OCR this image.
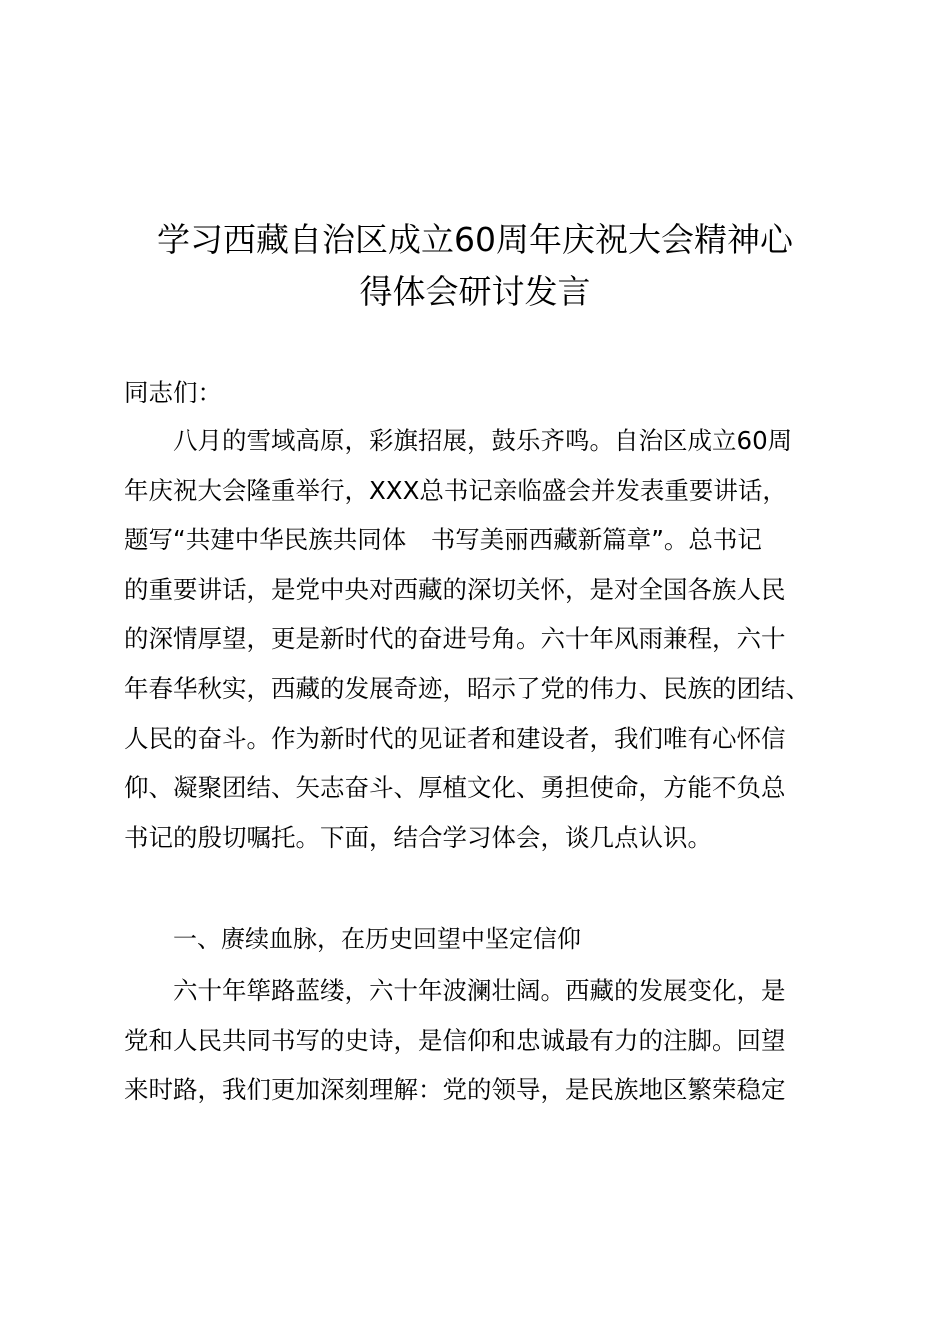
学习西藏自治区成立60周年庆祝大会精神心
得体会研讨发言

同志们：

八月的雪域高原，彩旗招展，鼓乐齐鸣。自治区成立60周
年庆祝大会隆重举行，XXX总书记亲临盛会并发表重要讲话，
题写“共建中华民族共同体　书写美丽西藏新篇章”。总书记
的重要讲话，是党中央对西藏的深切关怀，是对全国各族人民
的深情厚望，更是新时代的奋进号角。六十年风雨兼程，六十
年春华秋实，西藏的发展奇迹，昭示了党的伟力、民族的团结、
人民的奋斗。作为新时代的见证者和建设者，我们唯有心怀信
仰、凝聚团结、矢志奋斗、厚植文化、勇担使命，方能不负总
书记的殷切嘱托。下面，结合学习体会，谈几点认识。

一、赓续血脉，在历史回望中坚定信仰

六十年筚路蓝缕，六十年波澜壮阔。西藏的发展变化，是
党和人民共同书写的史诗，是信仰和忠诚最有力的注脚。回望
来时路，我们更加深刻理解：党的领导，是民族地区繁荣稳定
